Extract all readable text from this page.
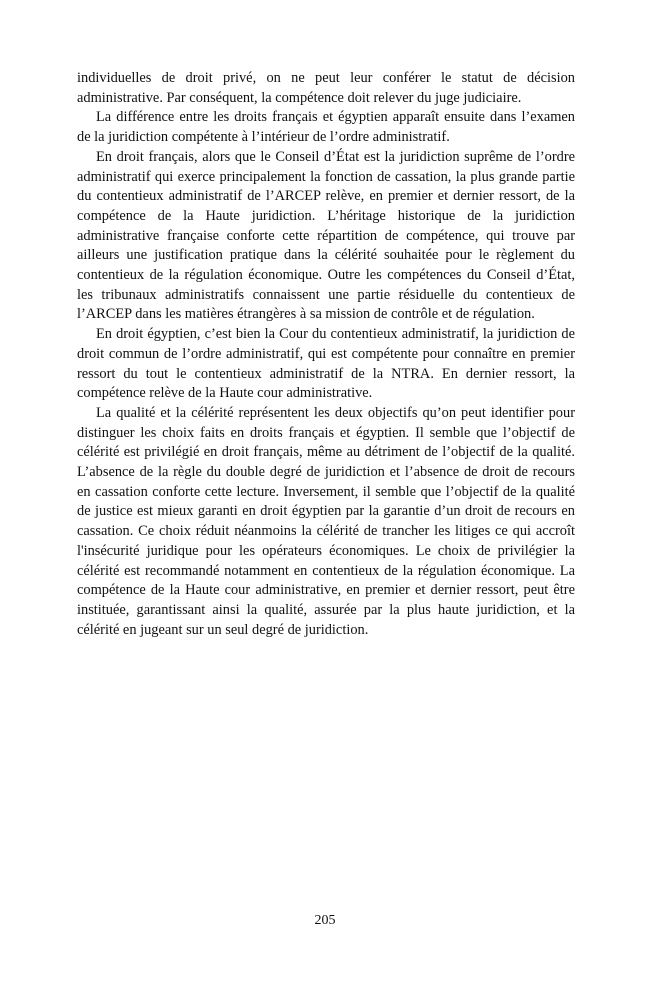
individuelles de droit privé, on ne peut leur conférer le statut de décision administrative. Par conséquent, la compétence doit relever du juge judiciaire.

La différence entre les droits français et égyptien apparaît ensuite dans l’examen de la juridiction compétente à l’intérieur de l’ordre administratif.

En droit français, alors que le Conseil d’État est la juridiction suprême de l’ordre administratif qui exerce principalement la fonction de cassation, la plus grande partie du contentieux administratif de l’ARCEP relève, en premier et dernier ressort, de la compétence de la Haute juridiction. L’héritage historique de la juridiction administrative française conforte cette répartition de compétence, qui trouve par ailleurs une justification pratique dans la célérité souhaitée pour le règlement du contentieux de la régulation économique. Outre les compétences du Conseil d’État, les tribunaux administratifs connaissent une partie résiduelle du contentieux de l’ARCEP dans les matières étrangères à sa mission de contrôle et de régulation.

En droit égyptien, c’est bien la Cour du contentieux administratif, la juridiction de droit commun de l’ordre administratif, qui est compétente pour connaître en premier ressort du tout le contentieux administratif de la NTRA. En dernier ressort, la compétence relève de la Haute cour administrative.

La qualité et la célérité représentent les deux objectifs qu’on peut identifier pour distinguer les choix faits en droits français et égyptien. Il semble que l’objectif de célérité est privilégié en droit français, même au détriment de l’objectif de la qualité. L’absence de la règle du double degré de juridiction et l’absence de droit de recours en cassation conforte cette lecture. Inversement, il semble que l’objectif de la qualité de justice est mieux garanti en droit égyptien par la garantie d’un droit de recours en cassation. Ce choix réduit néanmoins la célérité de trancher les litiges ce qui accroît l'insécurité juridique pour les opérateurs économiques. Le choix de privilégier la célérité est recommandé notamment en contentieux de la régulation économique. La compétence de la Haute cour administrative, en premier et dernier ressort, peut être instituée, garantissant ainsi la qualité, assurée par la plus haute juridiction, et la célérité en jugeant sur un seul degré de juridiction.

205
